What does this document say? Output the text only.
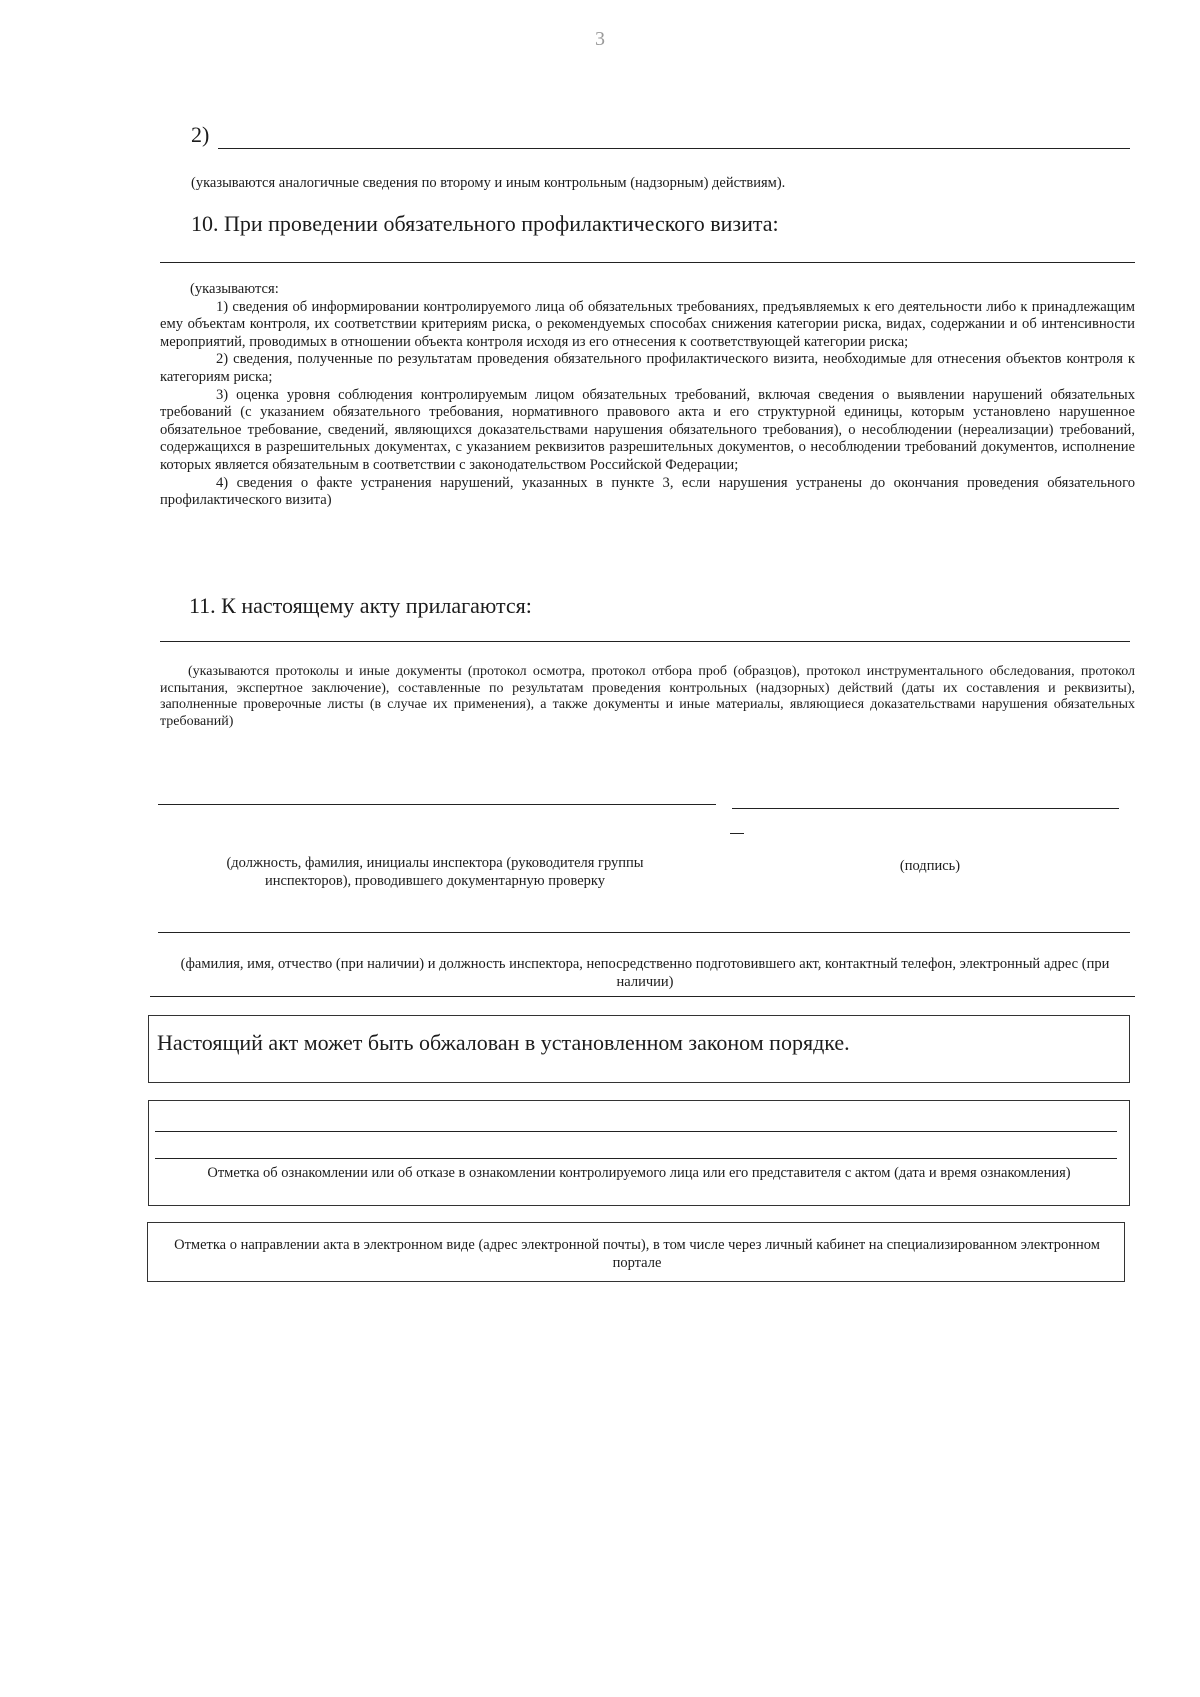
3
2)
(указываются аналогичные сведения по второму и иным контрольным (надзорным) действиям).
10. При проведении обязательного профилактического визита:

(указываются:

1) сведения об информировании контролируемого лица об обязательных требованиях, предъявляемых к его деятельности либо к принадлежащим ему объектам контроля, их соответствии критериям риска, о рекомендуемых способах снижения категории риска, видах, содержании и об интенсивности мероприятий, проводимых в отношении объекта контроля исходя из его отнесения к соответствующей категории риска;

2) сведения, полученные по результатам проведения обязательного профилактического визита, необходимые для отнесения объектов контроля к категориям риска;

3) оценка уровня соблюдения контролируемым лицом обязательных требований, включая сведения о выявлении нарушений обязательных требований (с указанием обязательного требования, нормативного правового акта и его структурной единицы, которым установлено нарушенное обязательное требование, сведений, являющихся доказательствами нарушения обязательного требования), о несоблюдении (нереализации) требований, содержащихся в разрешительных документах, с указанием реквизитов разрешительных документов, о несоблюдении требований документов, исполнение которых является обязательным в соответствии с законодательством Российской Федерации;

4) сведения о факте устранения нарушений, указанных в пункте 3, если нарушения устранены до окончания проведения обязательного профилактического визита)

11. К настоящему акту прилагаются:
(указываются протоколы и иные документы (протокол осмотра, протокол отбора проб (образцов), протокол инструментального обследования, протокол испытания, экспертное заключение), составленные по результатам проведения контрольных (надзорных) действий (даты их составления и реквизиты), заполненные проверочные листы (в случае их применения), а также документы и иные материалы, являющиеся доказательствами нарушения обязательных требований)
(должность, фамилия, инициалы инспектора (руководителя группы инспекторов), проводившего документарную проверку
(подпись)
(фамилия, имя, отчество (при наличии) и должность инспектора, непосредственно подготовившего акт, контактный телефон, электронный адрес (при наличии)
Настоящий акт может быть обжалован в установленном законом порядке.
Отметка об ознакомлении или об отказе в ознакомлении контролируемого лица или его представителя с актом (дата и время ознакомления)
Отметка о направлении акта в электронном виде (адрес электронной почты), в том числе через личный кабинет на специализированном электронном портале
